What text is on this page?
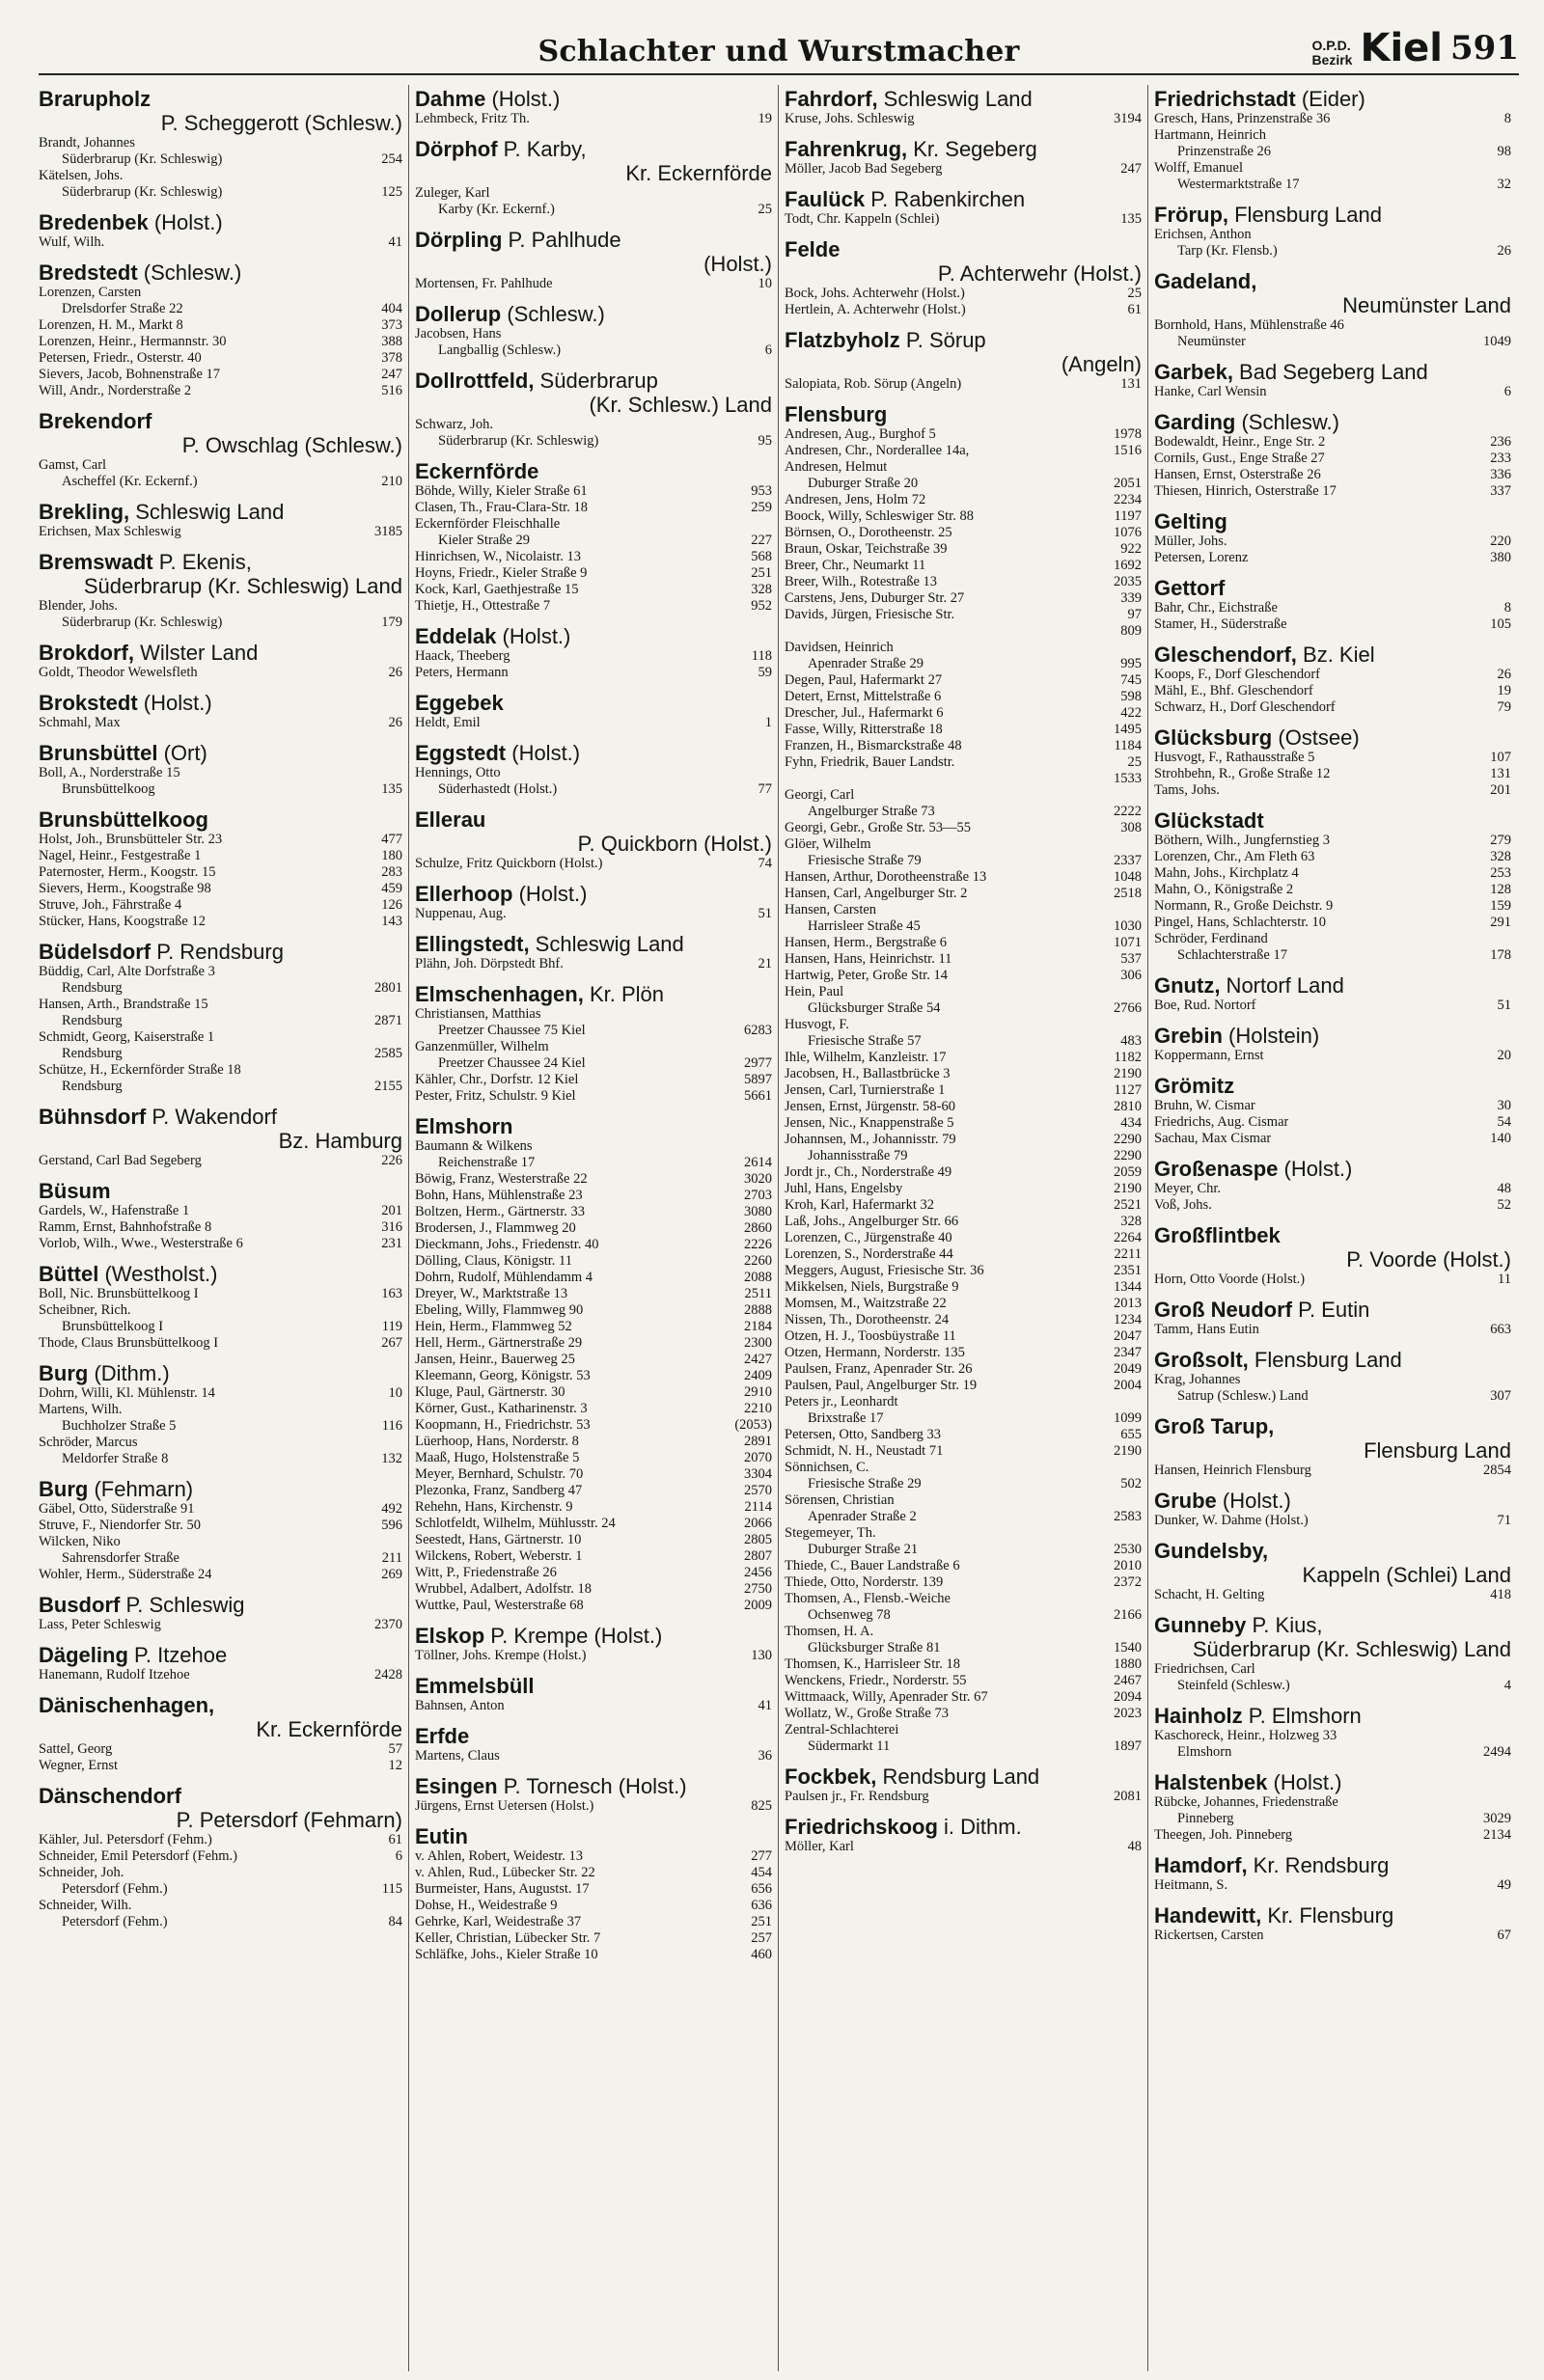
Schlachter und Wurstmacher	O.P.D.
Bezirk Kiel 591
Brarupholz
P. Scheggerott (Schlesw.)
Brandt, Johannes
Süderbrarup (Kr. Schleswig)	254
Kätelsen, Johs.
Süderbrarup (Kr. Schleswig)	125
Bredenbek (Holst.)
Wulf, Wilh.	41
Bredstedt (Schlesw.)
Lorenzen, Carsten
Drelsdorfer Straße 22	404
Lorenzen, H. M., Markt 8	373
Lorenzen, Heinr., Hermannstr. 30	388
Petersen, Friedr., Osterstr. 40	378
Sievers, Jacob, Bohnenstraße 17	247
Will, Andr., Norderstraße 2	516
Brekendorf
P. Owschlag (Schlesw.)
Gamst, Carl
Ascheffel (Kr. Eckernf.)	210
Brekling, Schleswig Land
Erichsen, Max Schleswig	3185
Bremswadt P. Ekenis,
Süderbrarup (Kr. Schleswig) Land
Blender, Johs.
Süderbrarup (Kr. Schleswig)	179
Brokdorf, Wilster Land
Goldt, Theodor Wewelsfleth	26
Brokstedt (Holst.)
Schmahl, Max	26
Brunsbüttel (Ort)
Boll, A., Norderstraße 15
Brunsbüttelkoog	135
Brunsbüttelkoog
Holst, Joh., Brunsbütteler Str. 23	477
Nagel, Heinr., Festgestraße 1	180
Paternoster, Herm., Koogstr. 15	283
Sievers, Herm., Koogstraße 98	459
Struve, Joh., Fährstraße 4	126
Stücker, Hans, Koogstraße 12	143
Büdelsdorf P. Rendsburg
Büddig, Carl, Alte Dorfstraße 3
Rendsburg	2801
Hansen, Arth., Brandstraße 15
Rendsburg	2871
Schmidt, Georg, Kaiserstraße 1
Rendsburg	2585
Schütze, H., Eckernförder Straße 18
Rendsburg	2155
Bühnsdorf P. Wakendorf
Bz. Hamburg
Gerstand, Carl Bad Segeberg	226
Büsum
Gardels, W., Hafenstraße 1	201
Ramm, Ernst, Bahnhofstraße 8	316
Vorlob, Wilh., Wwe., Westerstraße 6	231
Büttel (Westholst.)
Boll, Nic. Brunsbüttelkoog I	163
Scheibner, Rich.
Brunsbüttelkoog I	119
Thode, Claus Brunsbüttelkoog I	267
Burg (Dithm.)
Dohrn, Willi, Kl. Mühlenstr. 14	10
Martens, Wilh.
Buchholzer Straße 5	116
Schröder, Marcus
Meldorfer Straße 8	132
Burg (Fehmarn)
Gäbel, Otto, Süderstraße 91	492
Struve, F., Niendorfer Str. 50	596
Wilcken, Niko
Sahrensdorfer Straße	211
Wohler, Herm., Süderstraße 24	269
Busdorf P. Schleswig
Lass, Peter Schleswig	2370
Dägeling P. Itzehoe
Hanemann, Rudolf Itzehoe	2428
Dänischenhagen,
Kr. Eckernförde
Sattel, Georg	57
Wegner, Ernst	12
Dänschendorf
P. Petersdorf (Fehmarn)
Kähler, Jul. Petersdorf (Fehm.)	61
Schneider, Emil Petersdorf (Fehm.)	6
Schneider, Joh.
Petersdorf (Fehm.)	115
Schneider, Wilh.
Petersdorf (Fehm.)	84
Dahme (Holst.)
Lehmbeck, Fritz Th.	19
Dörphof P. Karby,
Kr. Eckernförde
Zuleger, Karl
Karby (Kr. Eckernf.)	25
Dörpling P. Pahlhude
(Holst.)
Mortensen, Fr. Pahlhude	10
Dollerup (Schlesw.)
Jacobsen, Hans
Langballig (Schlesw.)	6
Dollrottfeld, Süderbrarup
(Kr. Schlesw.) Land
Schwarz, Joh.
Süderbrarup (Kr. Schleswig)	95
Eckernförde
Böhde, Willy, Kieler Straße 61	953
Clasen, Th., Frau-Clara-Str. 18	259
Eckernförder Fleischhalle
Kieler Straße 29	227
Hinrichsen, W., Nicolaistr. 13	568
Hoyns, Friedr., Kieler Straße 9	251
Kock, Karl, Gaethjestraße 15	328
Thietje, H., Ottestraße 7	952
Eddelak (Holst.)
Haack, Theeberg	118
Peters, Hermann	59
Eggebek
Heldt, Emil	1
Eggstedt (Holst.)
Hennings, Otto
Süderhastedt (Holst.)	77
Ellerau
P. Quickborn (Holst.)
Schulze, Fritz Quickborn (Holst.)	74
Ellerhoop (Holst.)
Nuppenau, Aug.	51
Ellingstedt, Schleswig Land
Plähn, Joh. Dörpstedt Bhf.	21
Elmschenhagen, Kr. Plön
Christiansen, Matthias
Preetzer Chaussee 75 Kiel	6283
Ganzenmüller, Wilhelm
Preetzer Chaussee 24 Kiel	2977
Kähler, Chr., Dorfstr. 12 Kiel	5897
Pester, Fritz, Schulstr. 9 Kiel	5661
Elmshorn
Baumann & Wilkens
Reichenstraße 17	2614
Böwig, Franz, Westerstraße 22	3020
Bohn, Hans, Mühlenstraße 23	2703
Boltzen, Herm., Gärtnerstr. 33	3080
Brodersen, J., Flammweg 20	2860
Dieckmann, Johs., Friedenstr. 40	2226
Dölling, Claus, Königstr. 11	2260
Dohrn, Rudolf, Mühlendamm 4	2088
Dreyer, W., Marktstraße 13	2511
Ebeling, Willy, Flammweg 90	2888
Hein, Herm., Flammweg 52	2184
Hell, Herm., Gärtnerstraße 29	2300
Jansen, Heinr., Bauerweg 25	2427
Kleemann, Georg, Königstr. 53	2409
Kluge, Paul, Gärtnerstr. 30	2910
Körner, Gust., Katharinenstr. 3	2210
Koopmann, H., Friedrichstr. 53	(2053)
Lüerhoop, Hans, Norderstr. 8	2891
Maaß, Hugo, Holstenstraße 5	2070
Meyer, Bernhard, Schulstr. 70	3304
Plezonka, Franz, Sandberg 47	2570
Rehehn, Hans, Kirchenstr. 9	2114
Schlotfeldt, Wilhelm, Mühlusstr. 24	2066
Seestedt, Hans, Gärtnerstr. 10	2805
Wilckens, Robert, Weberstr. 1	2807
Witt, P., Friedenstraße 26	2456
Wrubbel, Adalbert, Adolfstr. 18	2750
Wuttke, Paul, Westerstraße 68	2009
Elskop P. Krempe (Holst.)
Töllner, Johs. Krempe (Holst.)	130
Emmelsbüll
Bahnsen, Anton	41
Erfde
Martens, Claus	36
Esingen P. Tornesch (Holst.)
Jürgens, Ernst Uetersen (Holst.)	825
Eutin
v. Ahlen, Robert, Weidestr. 13	277
v. Ahlen, Rud., Lübecker Str. 22	454
Burmeister, Hans, Augustst. 17	656
Dohse, H., Weidestraße 9	636
Gehrke, Karl, Weidestraße 37	251
Keller, Christian, Lübecker Str. 7	257
Schläfke, Johs., Kieler Straße 10	460
Fahrdorf, Schleswig Land
Kruse, Johs. Schleswig	3194
Fahrenkrug, Kr. Segeberg
Möller, Jacob Bad Segeberg	247
Faulück P. Rabenkirchen
Todt, Chr. Kappeln (Schlei)	135
Felde
P. Achterwehr (Holst.)
Bock, Johs. Achterwehr (Holst.)	25
Hertlein, A. Achterwehr (Holst.)	61
Flatzbyholz P. Sörup
(Angeln)
Salopiata, Rob. Sörup (Angeln)	131
Flensburg
Andresen, Aug., Burghof 5	1978
Andresen, Chr., Norderallee 14a,	1516
Andresen, Helmut
Duburger Straße 20	2051
Andresen, Jens, Holm 72	2234
Boock, Willy, Schleswiger Str. 88	1197
Börnsen, O., Dorotheenstr. 25	1076
Braun, Oskar, Teichstraße 39	922
Breer, Chr., Neumarkt 11	1692
Breer, Wilh., Rotestraße 13	2035
Carstens, Jens, Duburger Str. 27	339
Davids, Jürgen, Friesische Str.	97
809
Davidsen, Heinrich
Apenrader Straße 29	995
Degen, Paul, Hafermarkt 27	745
Detert, Ernst, Mittelstraße 6	598
Drescher, Jul., Hafermarkt 6	422
Fasse, Willy, Ritterstraße 18	1495
Franzen, H., Bismarckstraße 48	1184
Fyhn, Friedrik, Bauer Landstr.	25
1533
Georgi, Carl
Angelburger Straße 73	2222
Georgi, Gebr., Große Str. 53—55	308
Glöer, Wilhelm
Friesische Straße 79	2337
Hansen, Arthur, Dorotheenstraße 13	1048
Hansen, Carl, Angelburger Str. 2	2518
Hansen, Carsten
Harrisleer Straße 45	1030
Hansen, Herm., Bergstraße 6	1071
Hansen, Hans, Heinrichstr. 11	537
Hartwig, Peter, Große Str. 14	306
Hein, Paul
Glücksburger Straße 54	2766
Husvogt, F.
Friesische Straße 57	483
Ihle, Wilhelm, Kanzleistr. 17	1182
Jacobsen, H., Ballastbrücke 3	2190
Jensen, Carl, Turnierstraße 1	1127
Jensen, Ernst, Jürgenstr. 58-60	2810
Jensen, Nic., Knappenstraße 5	434
Johannsen, M., Johannisstr. 79	2290
Johannisstraße 79	2290
Jordt jr., Ch., Norderstraße 49	2059
Juhl, Hans, Engelsby	2190
Kroh, Karl, Hafermarkt 32	2521
Laß, Johs., Angelburger Str. 66	328
Lorenzen, C., Jürgenstraße 40	2264
Lorenzen, S., Norderstraße 44	2211
Meggers, August, Friesische Str. 36	2351
Mikkelsen, Niels, Burgstraße 9	1344
Momsen, M., Waitzstraße 22	2013
Nissen, Th., Dorotheenstr. 24	1234
Otzen, H. J., Toosbüystraße 11	2047
Otzen, Hermann, Norderstr. 135	2347
Paulsen, Franz, Apenrader Str. 26	2049
Paulsen, Paul, Angelburger Str. 19	2004
Peters jr., Leonhardt
Brixstraße 17	1099
Petersen, Otto, Sandberg 33	655
Schmidt, N. H., Neustadt 71	2190
Sönnichsen, C.
Friesische Straße 29	502
Sörensen, Christian
Apenrader Straße 2	2583
Stegemeyer, Th.
Duburger Straße 21	2530
Thiede, C., Bauer Landstraße 6	2010
Thiede, Otto, Norderstr. 139	2372
Thomsen, A., Flensb.-Weiche
Ochsenweg 78	2166
Thomsen, H. A.
Glücksburger Straße 81	1540
Thomsen, K., Harrisleer Str. 18	1880
Wenckens, Friedr., Norderstr. 55	2467
Wittmaack, Willy, Apenrader Str. 67	2094
Wollatz, W., Große Straße 73	2023
Zentral-Schlachterei
Südermarkt 11	1897
Fockbek, Rendsburg Land
Paulsen jr., Fr. Rendsburg	2081
Friedrichskoog i. Dithm.
Möller, Karl	48
Friedrichstadt (Eider)
Gresch, Hans, Prinzenstraße 36	8
Hartmann, Heinrich
Prinzenstraße 26	98
Wolff, Emanuel
Westermarktstraße 17	32
Frörup, Flensburg Land
Erichsen, Anthon
Tarp (Kr. Flensb.)	26
Gadeland,
Neumünster Land
Bornhold, Hans, Mühlenstraße 46
Neumünster	1049
Garbek, Bad Segeberg Land
Hanke, Carl Wensin	6
Garding (Schlesw.)
Bodewaldt, Heinr., Enge Str. 2	236
Cornils, Gust., Enge Straße 27	233
Hansen, Ernst, Osterstraße 26	336
Thiesen, Hinrich, Osterstraße 17	337
Gelting
Müller, Johs.	220
Petersen, Lorenz	380
Gettorf
Bahr, Chr., Eichstraße	8
Stamer, H., Süderstraße	105
Gleschendorf, Bz. Kiel
Koops, F., Dorf Gleschendorf	26
Mähl, E., Bhf. Gleschendorf	19
Schwarz, H., Dorf Gleschendorf	79
Glücksburg (Ostsee)
Husvogt, F., Rathausstraße 5	107
Strohbehn, R., Große Straße 12	131
Tams, Johs.	201
Glückstadt
Böthern, Wilh., Jungfernstieg 3	279
Lorenzen, Chr., Am Fleth 63	328
Mahn, Johs., Kirchplatz 4	253
Mahn, O., Königstraße 2	128
Normann, R., Große Deichstr. 9	159
Pingel, Hans, Schlachterstr. 10	291
Schröder, Ferdinand
Schlachterstraße 17	178
Gnutz, Nortorf Land
Boe, Rud. Nortorf	51
Grebin (Holstein)
Koppermann, Ernst	20
Grömitz
Bruhn, W. Cismar	30
Friedrichs, Aug. Cismar	54
Sachau, Max Cismar	140
Großenaspe (Holst.)
Meyer, Chr.	48
Voß, Johs.	52
Großflintbek
P. Voorde (Holst.)
Horn, Otto Voorde (Holst.)	11
Groß Neudorf P. Eutin
Tamm, Hans Eutin	663
Großsolt, Flensburg Land
Krag, Johannes
Satrup (Schlesw.) Land	307
Groß Tarup,
Flensburg Land
Hansen, Heinrich Flensburg	2854
Grube (Holst.)
Dunker, W. Dahme (Holst.)	71
Gundelsby,
Kappeln (Schlei) Land
Schacht, H. Gelting	418
Gunneby P. Kius,
Süderbrarup (Kr. Schleswig) Land
Friedrichsen, Carl
Steinfeld (Schlesw.)	4
Hainholz P. Elmshorn
Kaschoreck, Heinr., Holzweg 33
Elmshorn	2494
Halstenbek (Holst.)
Rübcke, Johannes, Friedenstraße
Pinneberg	3029
Theegen, Joh. Pinneberg	2134
Hamdorf, Kr. Rendsburg
Heitmann, S.	49
Handewitt, Kr. Flensburg
Rickertsen, Carsten	67
